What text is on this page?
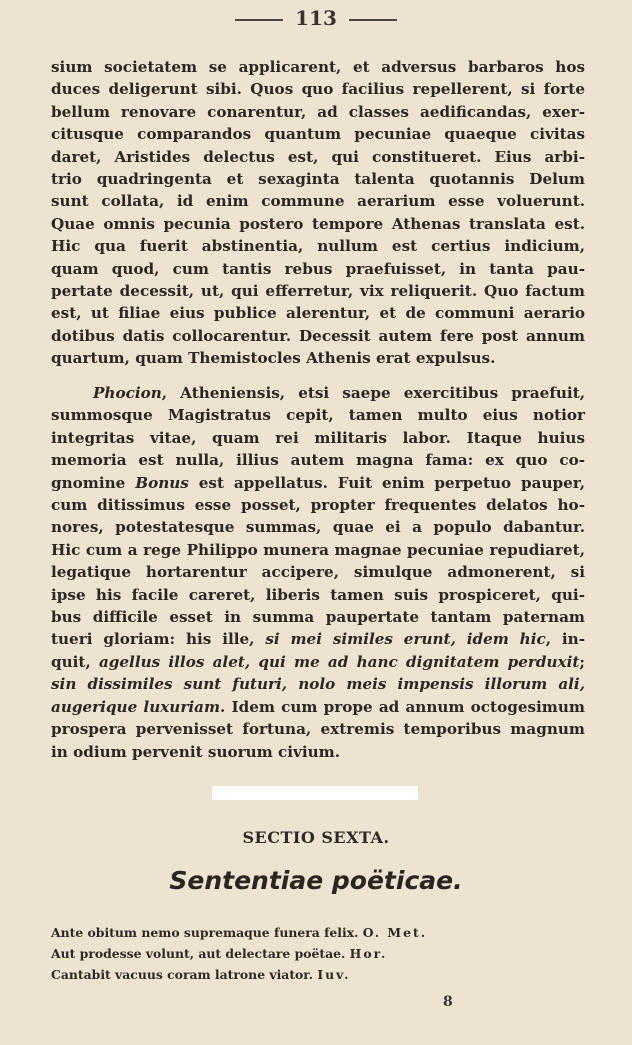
113
sium societatem se applicarent, et adversus barbaros hos
duces deligerunt sibi. Quos quo facilius repellerent, si forte
bellum renovare conarentur, ad classes aedificandas, exer-
citusque comparandos quantum pecuniae quaeque civitas
daret, Aristides delectus est, qui constitueret. Eius arbi-
trio quadringenta et sexaginta talenta quotannis Delum
sunt collata, id enim commune aerarium esse voluerunt.
Quae omnis pecunia postero tempore Athenas translata est.
Hic qua fuerit abstinentia, nullum est certius indicium,
quam quod, cum tantis rebus praefuisset, in tanta pau-
pertate decessit, ut, qui efferretur, vix reliquerit. Quo factum
est, ut filiae eius publice alerentur, et de communi aerario
dotibus datis collocarentur. Decessit autem fere post annum
quartum, quam Themistocles Athenis erat expulsus.
Phocion, Atheniensis, etsi saepe exercitibus praefuit,
summosque Magistratus cepit, tamen multo eius notior
integritas vitae, quam rei militaris labor. Itaque huius
memoria est nulla, illius autem magna fama: ex quo co-
gnomine Bonus est appellatus. Fuit enim perpetuo pauper,
cum ditissimus esse posset, propter frequentes delatos ho-
nores, potestatesque summas, quae ei a populo dabantur.
Hic cum a rege Philippo munera magnae pecuniae repudiaret,
legatique hortarentur accipere, simulque admonerent, si
ipse his facile careret, liberis tamen suis prospiceret, qui-
bus difficile esset in summa paupertate tantam paternam
tueri gloriam: his ille, si mei similes erunt, idem hic, in-
quit, agellus illos alet, qui me ad hanc dignitatem perduxit;
sin dissimiles sunt futuri, nolo meis impensis illorum ali,
augerique luxuriam. Idem cum prope ad annum octogesimum
prospera pervenisset fortuna, extremis temporibus magnum
in odium pervenit suorum civium.
SECTIO SEXTA.
Sententiae poëticae.
Ante obitum nemo supremaque funera felix. O. Met.
Aut prodesse volunt, aut delectare poëtae. Hor.
Cantabit vacuus coram latrone viator. Iuv.
8
